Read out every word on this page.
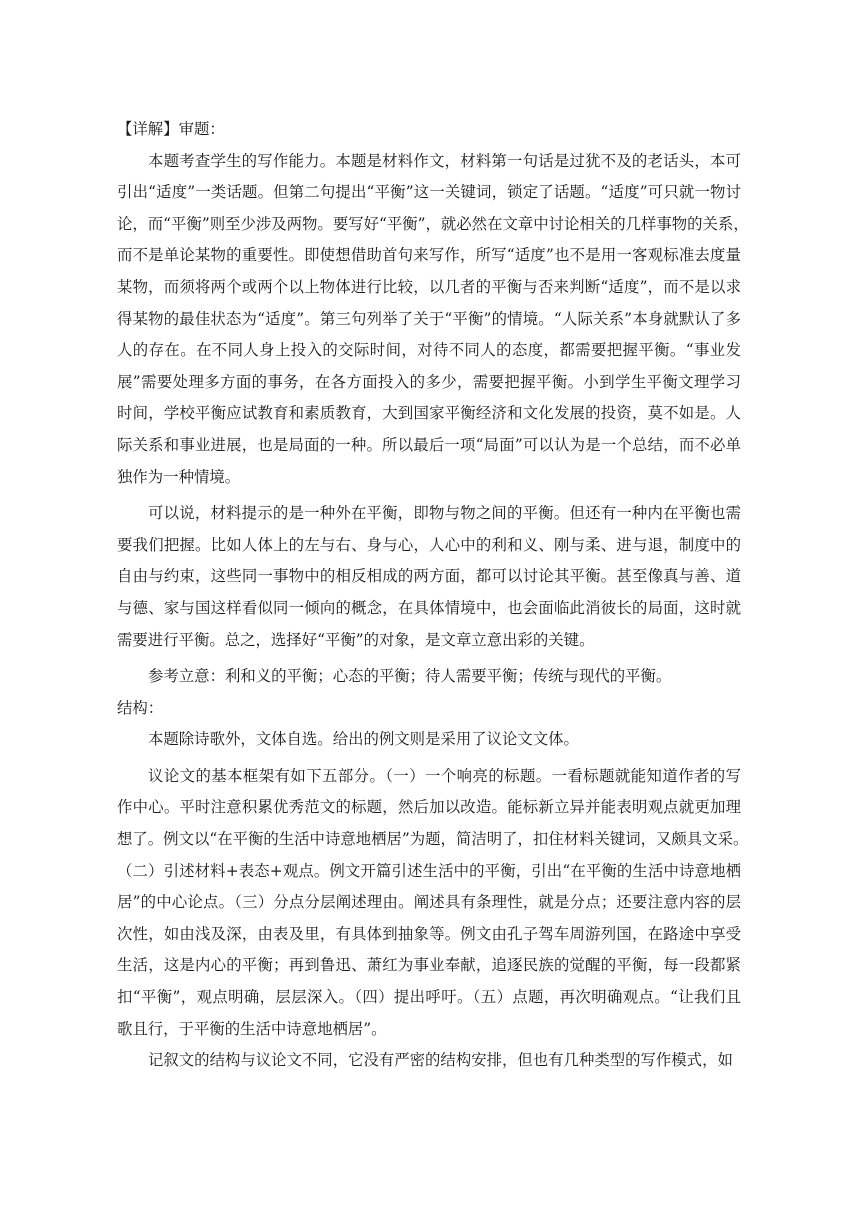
【详解】审题：
本题考查学生的写作能力。本题是材料作文，材料第一句话是过犹不及的老话头，本可
引出“适度”一类话题。但第二句提出“平衡”这一关键词，锁定了话题。“适度”可只就一物讨
论，而“平衡”则至少涉及两物。要写好“平衡”，就必然在文章中讨论相关的几样事物的关系，
而不是单论某物的重要性。即使想借助首句来写作，所写“适度”也不是用一客观标准去度量
某物，而须将两个或两个以上物体进行比较，以几者的平衡与否来判断“适度”，而不是以求
得某物的最佳状态为“适度”。第三句列举了关于“平衡”的情境。“人际关系”本身就默认了多
人的存在。在不同人身上投入的交际时间，对待不同人的态度，都需要把握平衡。“事业发
展”需要处理多方面的事务，在各方面投入的多少，需要把握平衡。小到学生平衡文理学习
时间，学校平衡应试教育和素质教育，大到国家平衡经济和文化发展的投资，莫不如是。人
际关系和事业进展，也是局面的一种。所以最后一项“局面”可以认为是一个总结，而不必单
独作为一种情境。
可以说，材料提示的是一种外在平衡，即物与物之间的平衡。但还有一种内在平衡也需
要我们把握。比如人体上的左与右、身与心，人心中的利和义、刚与柔、进与退，制度中的
自由与约束，这些同一事物中的相反相成的两方面，都可以讨论其平衡。甚至像真与善、道
与德、家与国这样看似同一倾向的概念，在具体情境中，也会面临此消彼长的局面，这时就
需要进行平衡。总之，选择好“平衡”的对象，是文章立意出彩的关键。
参考立意：利和义的平衡；心态的平衡；待人需要平衡；传统与现代的平衡。
结构：
本题除诗歌外，文体自选。给出的例文则是采用了议论文文体。
议论文的基本框架有如下五部分。（一）一个响亮的标题。一看标题就能知道作者的写
作中心。平时注意积累优秀范文的标题，然后加以改造。能标新立异并能表明观点就更加理
想了。例文以“在平衡的生活中诗意地栖居”为题，简洁明了，扣住材料关键词，又颇具文采。
（二）引述材料+表态+观点。例文开篇引述生活中的平衡，引出“在平衡的生活中诗意地栖
居”的中心论点。（三）分点分层阐述理由。阐述具有条理性，就是分点；还要注意内容的层
次性，如由浅及深，由表及里，有具体到抽象等。例文由孔子驾车周游列国，在路途中享受
生活，这是内心的平衡；再到鲁迅、萧红为事业奉献，追逐民族的觉醒的平衡，每一段都紧
扣“平衡”，观点明确，层层深入。（四）提出呼吁。（五）点题，再次明确观点。“让我们且
歌且行，于平衡的生活中诗意地栖居”。
记叙文的结构与议论文不同，它没有严密的结构安排，但也有几种类型的写作模式，如
